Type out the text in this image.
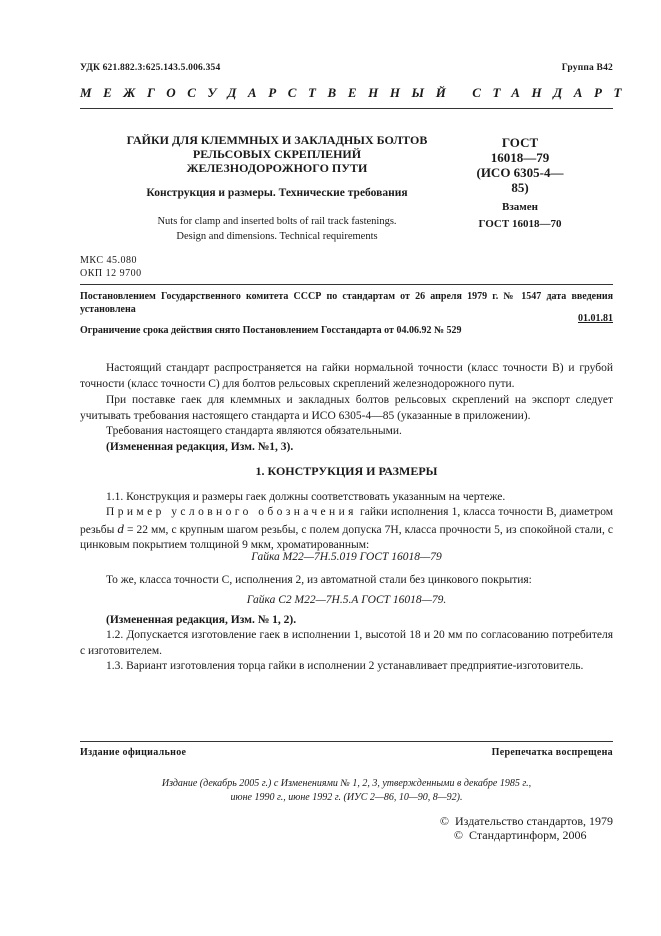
УДК 621.882.3:625.143.5.006.354	Группа В42
МЕЖГОСУДАРСТВЕННЫЙ СТАНДАРТ
ГАЙКИ ДЛЯ КЛЕММНЫХ И ЗАКЛАДНЫХ БОЛТОВ
РЕЛЬСОВЫХ СКРЕПЛЕНИЙ
ЖЕЛЕЗНОДОРОЖНОГО ПУТИ
Конструкция и размеры. Технические требования
Nuts for clamp and inserted bolts of rail track fastenings.
Design and dimensions. Technical requirements
ГОСТ
16018—79
(ИСО 6305-4—85)
Взамен
ГОСТ 16018—70
МКС 45.080
ОКП 12 9700
Постановлением Государственного комитета СССР по стандартам от 26 апреля 1979 г. № 1547 дата введения установлена
01.01.81
Ограничение срока действия снято Постановлением Госстандарта от 04.06.92 № 529
Настоящий стандарт распространяется на гайки нормальной точности (класс точности В) и грубой точности (класс точности С) для болтов рельсовых скреплений железнодорожного пути.
При поставке гаек для клеммных и закладных болтов рельсовых скреплений на экспорт следует учитывать требования настоящего стандарта и ИСО 6305-4—85 (указанные в приложении).
Требования настоящего стандарта являются обязательными.
(Измененная редакция, Изм. №1, 3).
1. КОНСТРУКЦИЯ И РАЗМЕРЫ
1.1. Конструкция и размеры гаек должны соответствовать указанным на чертеже.
Пример условного обозначения гайки исполнения 1, класса точности В, диаметром резьбы d = 22 мм, с крупным шагом резьбы, с полем допуска 7Н, класса прочности 5, из спокойной стали, с цинковым покрытием толщиной 9 мкм, хроматированным:
Гайка М22—7Н.5.019 ГОСТ 16018—79
То же, класса точности С, исполнения 2, из автоматной стали без цинкового покрытия:
Гайка С2 М22—7Н.5.А ГОСТ 16018—79.
(Измененная редакция, Изм. № 1, 2).
1.2. Допускается изготовление гаек в исполнении 1, высотой 18 и 20 мм по согласованию потребителя с изготовителем.
1.3. Вариант изготовления торца гайки в исполнении 2 устанавливает предприятие-изготовитель.
Издание официальное	Перепечатка воспрещена
Издание (декабрь 2005 г.) с Изменениями № 1, 2, 3, утвержденными в декабре 1985 г.,
июне 1990 г., июне 1992 г. (ИУС 2—86, 10—90, 8—92).
© Издательство стандартов, 1979
© Стандартинформ, 2006
